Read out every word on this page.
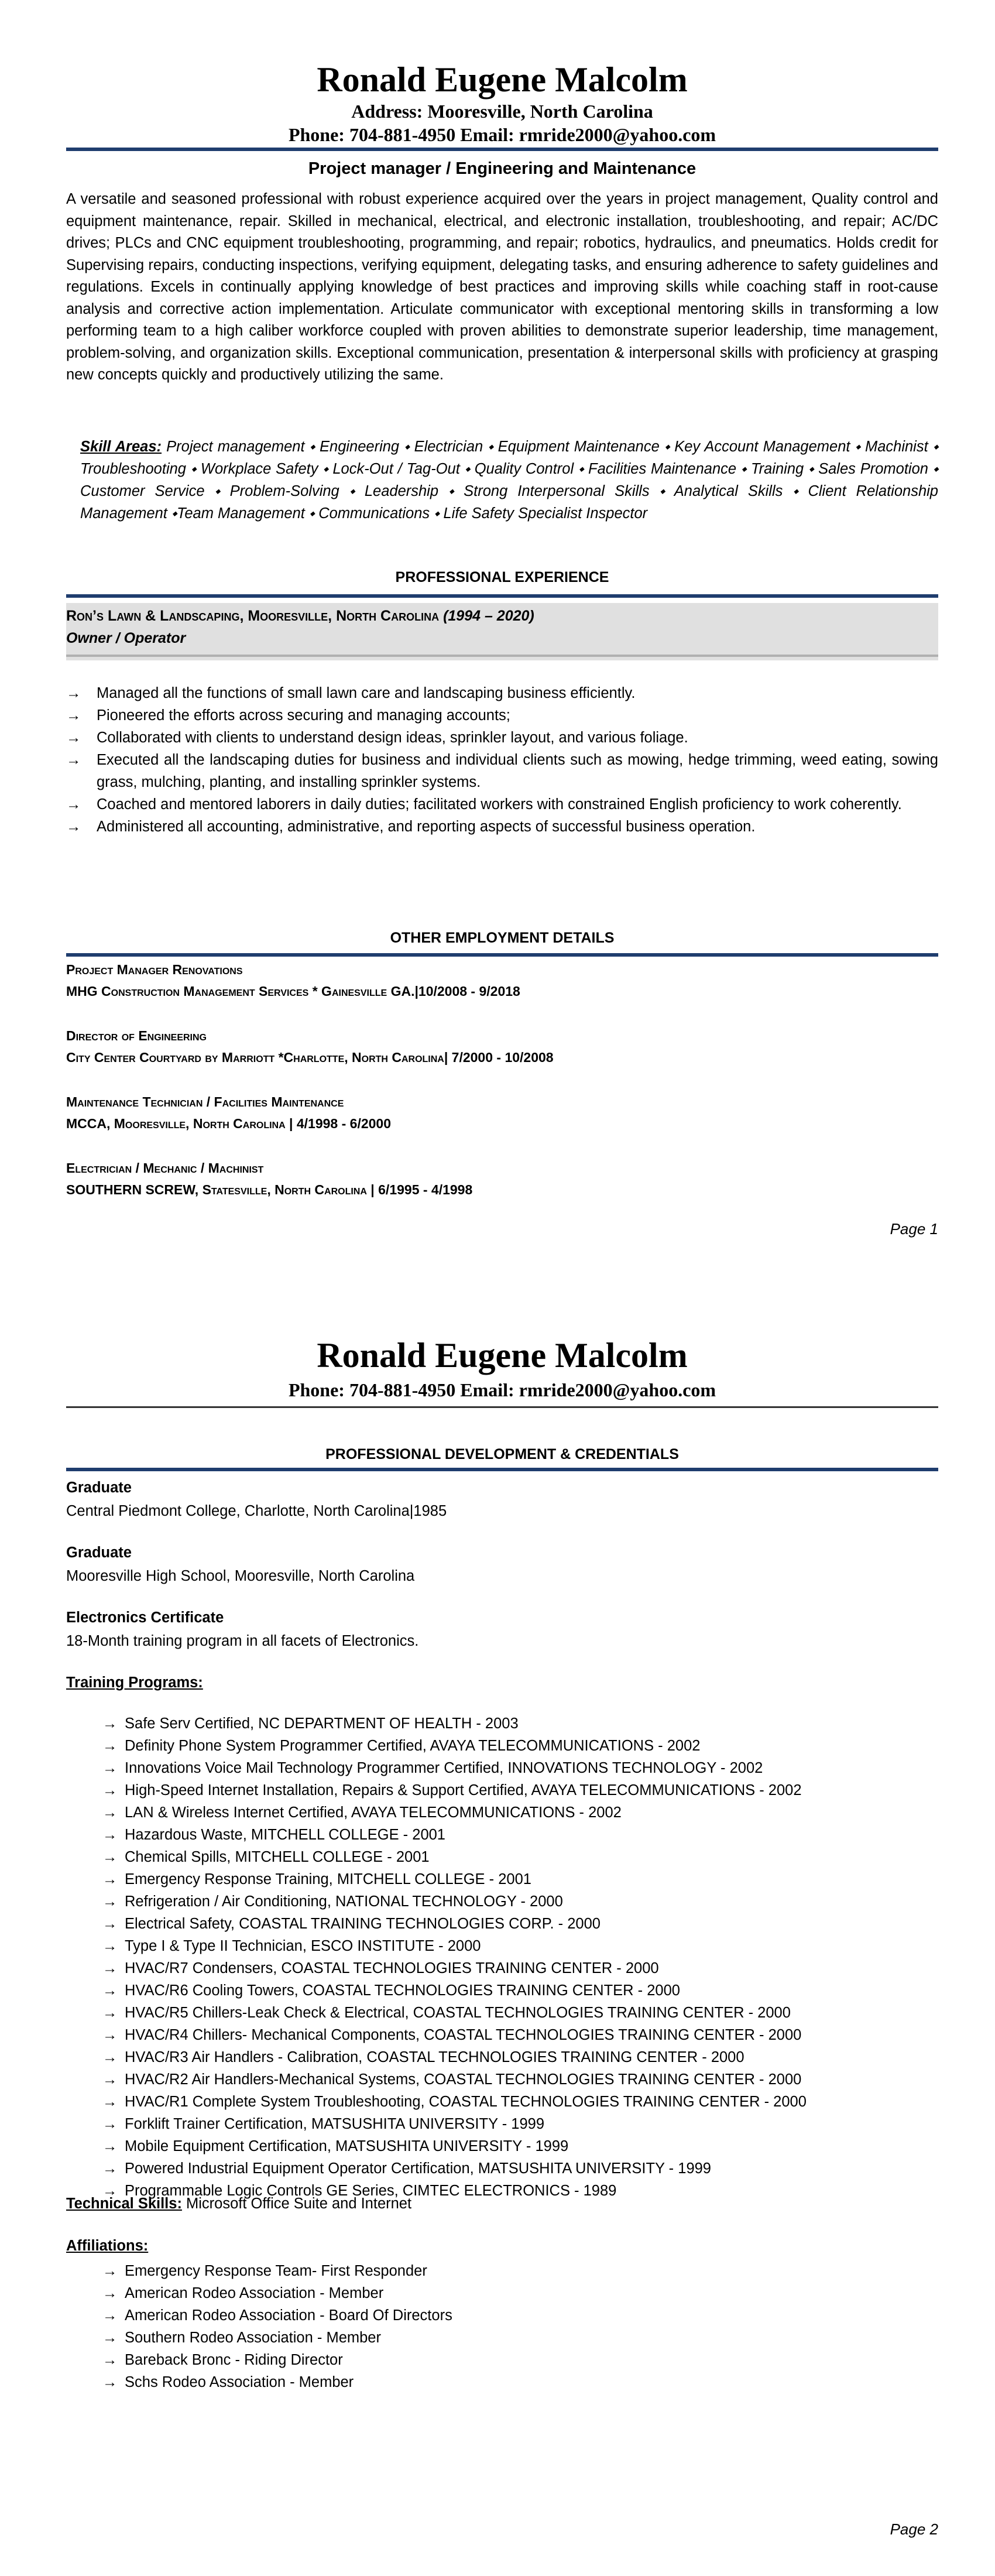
Ronald Eugene Malcolm
Address: Mooresville, North Carolina
Phone: 704-881-4950 Email: rmride2000@yahoo.com
Project manager / Engineering and Maintenance
A versatile and seasoned professional with robust experience acquired over the years in project management, Quality control and equipment maintenance, repair. Skilled in mechanical, electrical, and electronic installation, troubleshooting, and repair; AC/DC drives; PLCs and CNC equipment troubleshooting, programming, and repair; robotics, hydraulics, and pneumatics. Holds credit for Supervising repairs, conducting inspections, verifying equipment, delegating tasks, and ensuring adherence to safety guidelines and regulations. Excels in continually applying knowledge of best practices and improving skills while coaching staff in root-cause analysis and corrective action implementation. Articulate communicator with exceptional mentoring skills in transforming a low performing team to a high caliber workforce coupled with proven abilities to demonstrate superior leadership, time management, problem-solving, and organization skills. Exceptional communication, presentation & interpersonal skills with proficiency at grasping new concepts quickly and productively utilizing the same.
Skill Areas: Project management ⬩ Engineering ⬩ Electrician ⬩ Equipment Maintenance ⬩ Key Account Management ⬩ Machinist ⬩ Troubleshooting ⬩ Workplace Safety ⬩ Lock-Out / Tag-Out ⬩ Quality Control ⬩ Facilities Maintenance ⬩ Training ⬩ Sales Promotion ⬩ Customer Service ⬩ Problem-Solving ⬩ Leadership ⬩ Strong Interpersonal Skills ⬩ Analytical Skills ⬩ Client Relationship Management ⬩Team Management ⬩ Communications ⬩ Life Safety Specialist Inspector
PROFESSIONAL EXPERIENCE
Ron’s Lawn & Landscaping, Mooresville, North Carolina (1994 – 2020)
Owner / Operator
→ Managed all the functions of small lawn care and landscaping business efficiently.
→ Pioneered the efforts across securing and managing accounts;
→ Collaborated with clients to understand design ideas, sprinkler layout, and various foliage.
→ Executed all the landscaping duties for business and individual clients such as mowing, hedge trimming, weed eating, sowing grass, mulching, planting, and installing sprinkler systems.
→ Coached and mentored laborers in daily duties; facilitated workers with constrained English proficiency to work coherently.
→ Administered all accounting, administrative, and reporting aspects of successful business operation.
OTHER EMPLOYMENT DETAILS
Project Manager Renovations
MHG Construction Management Services * Gainesville GA.|10/2008 - 9/2018
Director of Engineering
City Center Courtyard by Marriott *Charlotte, North Carolina| 7/2000 - 10/2008
Maintenance Technician / Facilities Maintenance
MCCA, Mooresville, North Carolina | 4/1998 - 6/2000
Electrician / Mechanic / Machinist
SOUTHERN SCREW, Statesville, North Carolina | 6/1995 - 4/1998
Page 1
Ronald Eugene Malcolm
Phone: 704-881-4950 Email: rmride2000@yahoo.com
PROFESSIONAL DEVELOPMENT & CREDENTIALS
Graduate
Central Piedmont College, Charlotte, North Carolina|1985
Graduate
Mooresville High School, Mooresville, North Carolina
Electronics Certificate
18-Month training program in all facets of Electronics.
Training Programs:
→ Safe Serv Certified, NC DEPARTMENT OF HEALTH - 2003
→ Definity Phone System Programmer Certified, AVAYA TELECOMMUNICATIONS - 2002
→ Innovations Voice Mail Technology Programmer Certified, INNOVATIONS TECHNOLOGY - 2002
→ High-Speed Internet Installation, Repairs & Support Certified, AVAYA TELECOMMUNICATIONS - 2002
→ LAN & Wireless Internet Certified, AVAYA TELECOMMUNICATIONS - 2002
→ Hazardous Waste, MITCHELL COLLEGE - 2001
→ Chemical Spills, MITCHELL COLLEGE - 2001
→ Emergency Response Training, MITCHELL COLLEGE - 2001
→ Refrigeration / Air Conditioning, NATIONAL TECHNOLOGY - 2000
→ Electrical Safety, COASTAL TRAINING TECHNOLOGIES CORP. - 2000
→ Type I & Type II Technician, ESCO INSTITUTE - 2000
→ HVAC/R7 Condensers, COASTAL TECHNOLOGIES TRAINING CENTER - 2000
→ HVAC/R6 Cooling Towers, COASTAL TECHNOLOGIES TRAINING CENTER - 2000
→ HVAC/R5 Chillers-Leak Check & Electrical, COASTAL TECHNOLOGIES TRAINING CENTER - 2000
→ HVAC/R4 Chillers- Mechanical Components, COASTAL TECHNOLOGIES TRAINING CENTER - 2000
→ HVAC/R3 Air Handlers - Calibration, COASTAL TECHNOLOGIES TRAINING CENTER - 2000
→ HVAC/R2 Air Handlers-Mechanical Systems, COASTAL TECHNOLOGIES TRAINING CENTER - 2000
→ HVAC/R1 Complete System Troubleshooting, COASTAL TECHNOLOGIES TRAINING CENTER - 2000
→ Forklift Trainer Certification, MATSUSHITA UNIVERSITY - 1999
→ Mobile Equipment Certification, MATSUSHITA UNIVERSITY - 1999
→ Powered Industrial Equipment Operator Certification, MATSUSHITA UNIVERSITY - 1999
→ Programmable Logic Controls GE Series, CIMTEC ELECTRONICS - 1989
Technical Skills: Microsoft Office Suite and Internet
Affiliations:
→ Emergency Response Team- First Responder
→ American Rodeo Association - Member
→ American Rodeo Association - Board Of Directors
→ Southern Rodeo Association - Member
→ Bareback Bronc - Riding Director
→ Schs Rodeo Association - Member
Page 2
